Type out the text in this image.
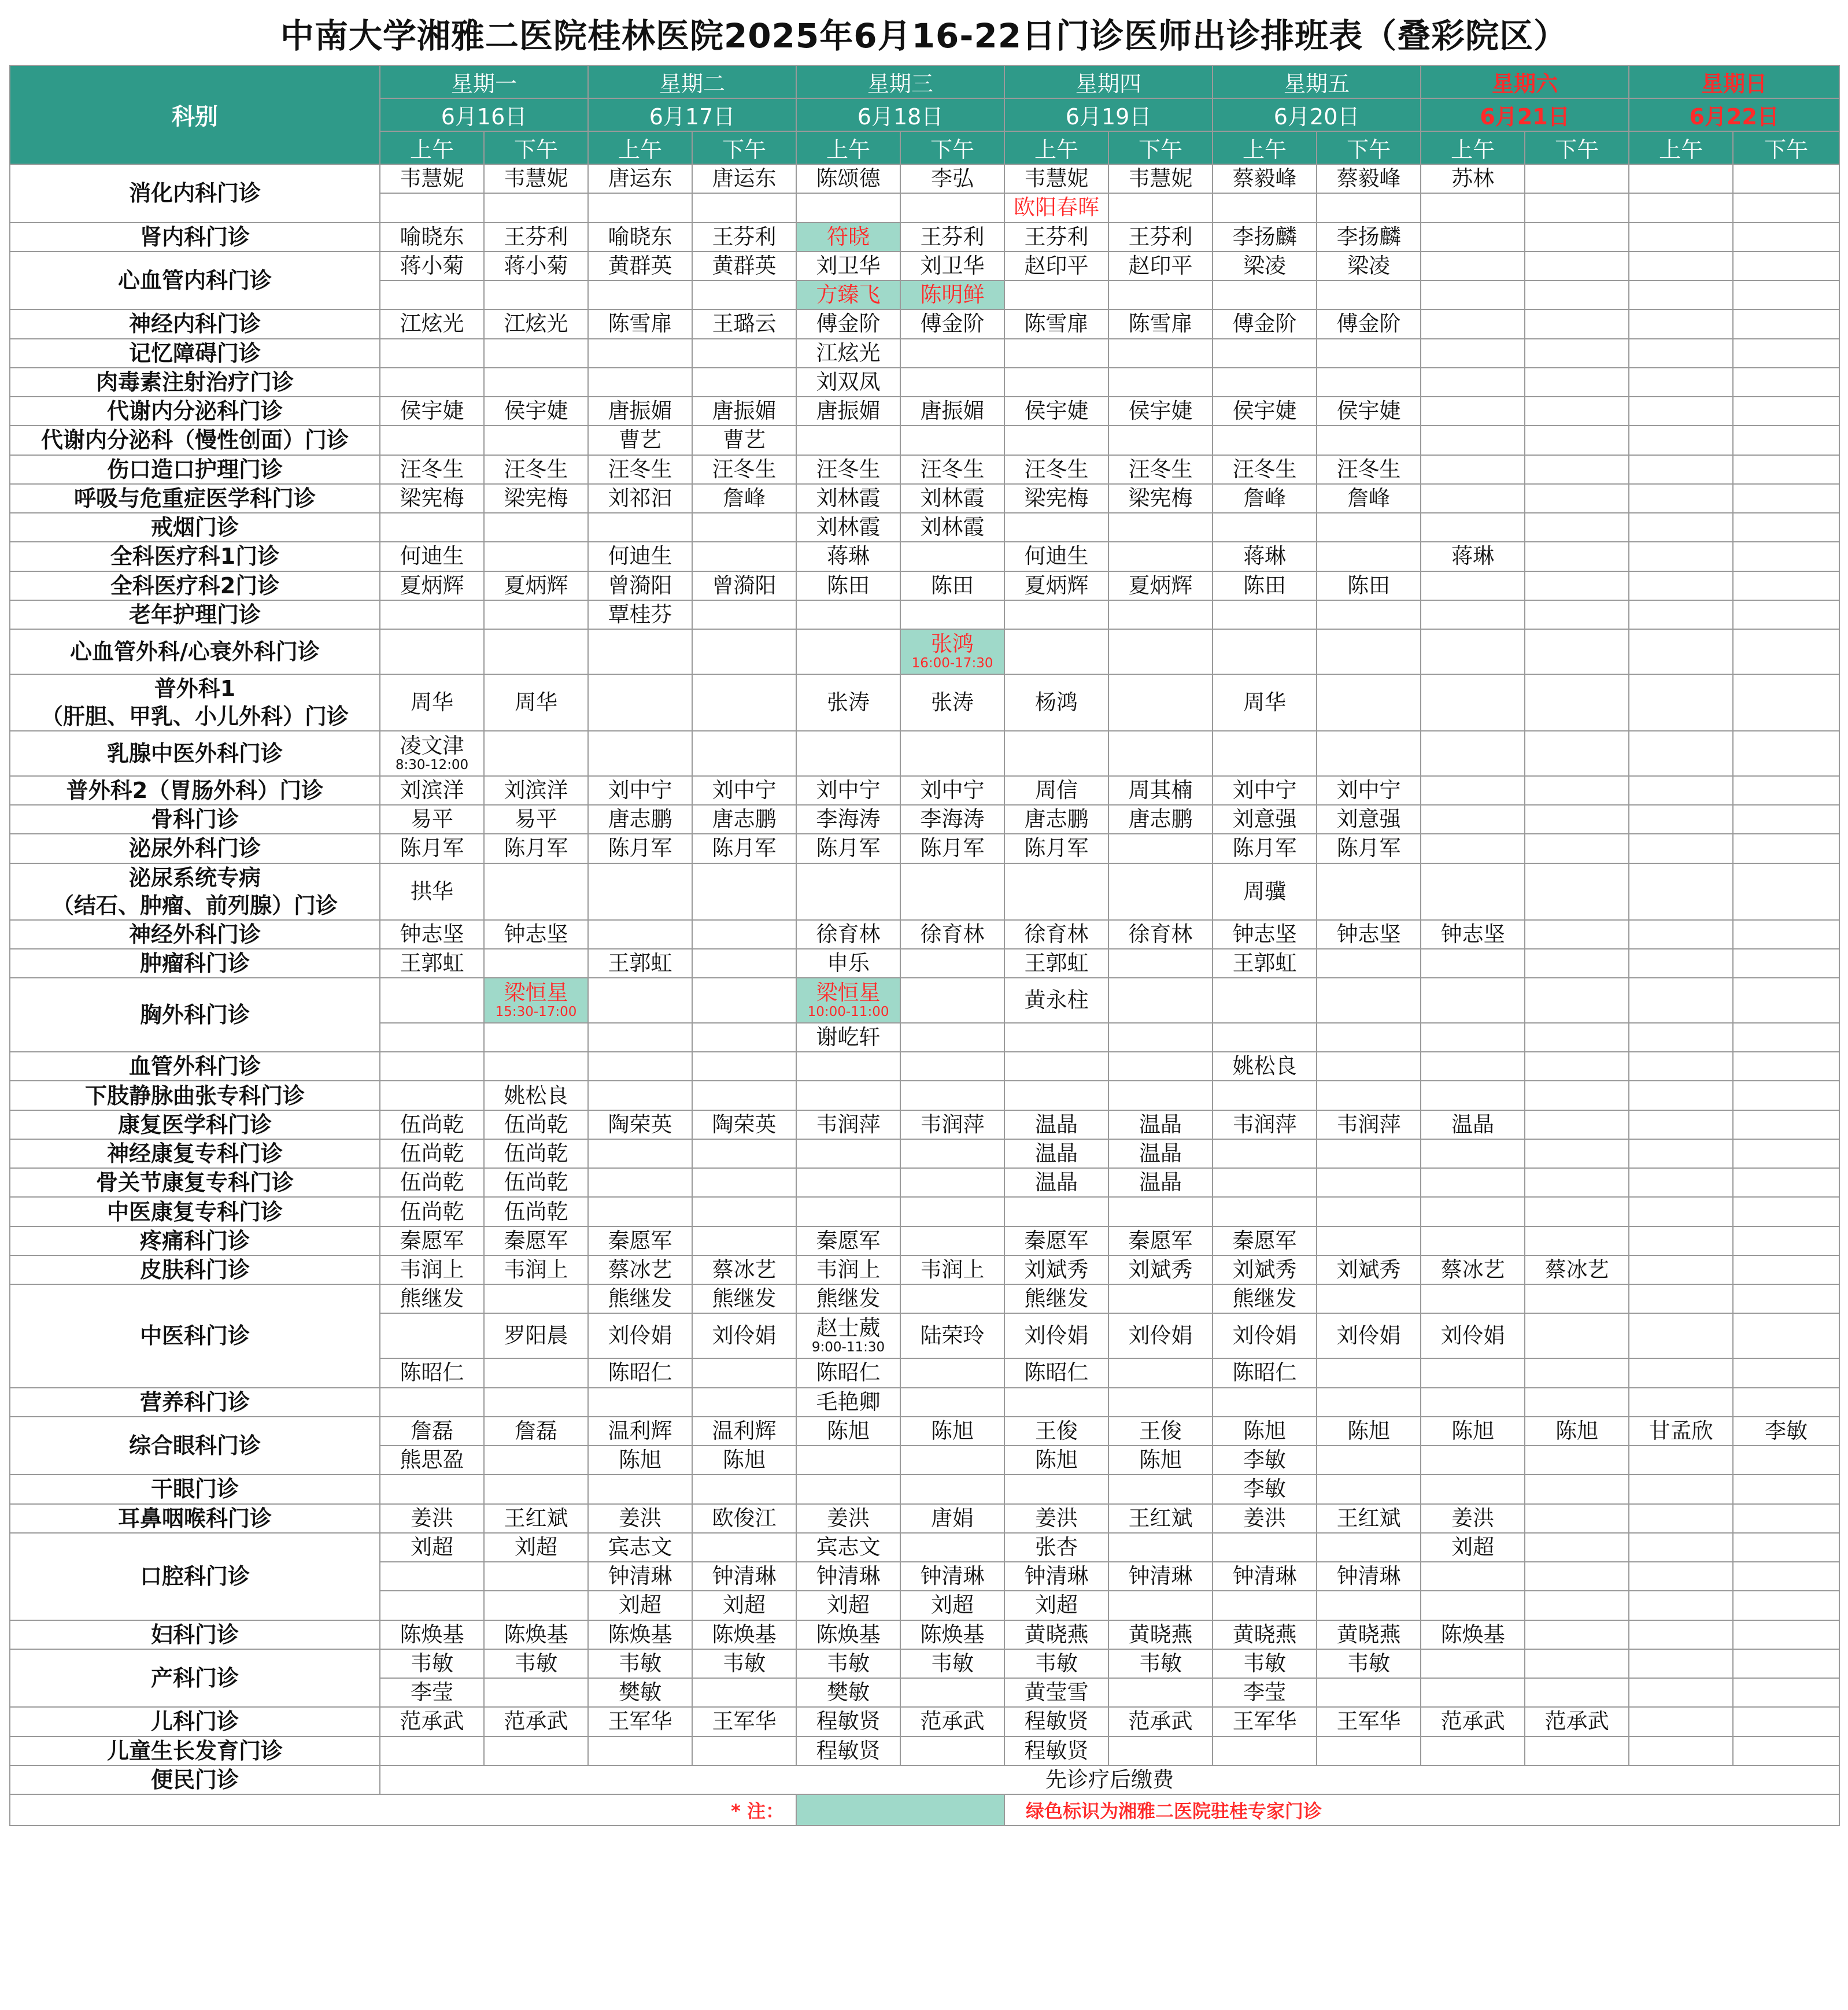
中南大学湘雅二医院桂林医院2025年6月16-22日门诊医师出诊排班表（叠彩院区）
科别	星期一		星期二		星期三		星期四		星期五		星期六		星期日	
	6月16日		6月17日		6月18日		6月19日		6月20日		6月21日		6月22日	
	上午	下午	上午	下午	上午	下午	上午	下午	上午	下午	上午	下午	上午	下午

消化内科门诊	韦慧妮	韦慧妮	唐运东	唐运东	陈颂德	李弘	韦慧妮	韦慧妮	蔡毅峰	蔡毅峰	苏林			

							欧阳春晖							

肾内科门诊	喻晓东	王芬利	喻晓东	王芬利	符晓	王芬利	王芬利	王芬利	李扬麟	李扬麟				

心血管内科门诊	蒋小菊	蒋小菊	黄群英	黄群英	刘卫华	刘卫华	赵印平	赵印平	梁凌	梁凌				

					方臻飞	陈明鲜								

神经内科门诊	江炫光	江炫光	陈雪扉	王璐云	傅金阶	傅金阶	陈雪扉	陈雪扉	傅金阶	傅金阶				

记忆障碍门诊					江炫光									

肉毒素注射治疗门诊					刘双凤									

代谢内分泌科门诊	侯宇婕	侯宇婕	唐振媚	唐振媚	唐振媚	唐振媚	侯宇婕	侯宇婕	侯宇婕	侯宇婕				

代谢内分泌科（慢性创面）门诊			曹艺	曹艺										

伤口造口护理门诊	汪冬生	汪冬生	汪冬生	汪冬生	汪冬生	汪冬生	汪冬生	汪冬生	汪冬生	汪冬生				

呼吸与危重症医学科门诊	梁宪梅	梁宪梅	刘祁汩	詹峰	刘林霞	刘林霞	梁宪梅	梁宪梅	詹峰	詹峰				

戒烟门诊					刘林霞	刘林霞								

全科医疗科1门诊	何迪生		何迪生		蒋琳		何迪生		蒋琳		蒋琳			

全科医疗科2门诊	夏炳辉	夏炳辉	曾漪阳	曾漪阳	陈田	陈田	夏炳辉	夏炳辉	陈田	陈田				

老年护理门诊			覃桂芬											

心血管外科/心衰外科门诊						张鸿
16:00-17:30								

普外科1
（肝胆、甲乳、小儿外科）门诊	周华	周华			张涛	张涛	杨鸿		周华					

乳腺中医外科门诊	凌文津
8:30-12:00													

普外科2（胃肠外科）门诊	刘滨洋	刘滨洋	刘中宁	刘中宁	刘中宁	刘中宁	周信	周其楠	刘中宁	刘中宁				

骨科门诊	易平	易平	唐志鹏	唐志鹏	李海涛	李海涛	唐志鹏	唐志鹏	刘意强	刘意强				

泌尿外科门诊	陈月军	陈月军	陈月军	陈月军	陈月军	陈月军	陈月军		陈月军	陈月军				

泌尿系统专病
（结石、肿瘤、前列腺）门诊	拱华								周骥					

神经外科门诊	钟志坚	钟志坚			徐育林	徐育林	徐育林	徐育林	钟志坚	钟志坚	钟志坚			

肿瘤科门诊	王郭虹		王郭虹		申乐		王郭虹		王郭虹					

胸外科门诊		梁恒星
15:30-17:00			梁恒星
10:00-11:00		黄永柱							
					谢屹轩									

血管外科门诊									姚松良					

下肢静脉曲张专科门诊		姚松良												

康复医学科门诊	伍尚乾	伍尚乾	陶荣英	陶荣英	韦润萍	韦润萍	温晶	温晶	韦润萍	韦润萍	温晶			

神经康复专科门诊	伍尚乾	伍尚乾					温晶	温晶						

骨关节康复专科门诊	伍尚乾	伍尚乾					温晶	温晶						

中医康复专科门诊	伍尚乾	伍尚乾												

疼痛科门诊	秦愿军	秦愿军	秦愿军		秦愿军		秦愿军	秦愿军	秦愿军					

皮肤科门诊	韦润上	韦润上	蔡冰艺	蔡冰艺	韦润上	韦润上	刘斌秀	刘斌秀	刘斌秀	刘斌秀	蔡冰艺	蔡冰艺		

中医科门诊	熊继发		熊继发	熊继发	熊继发		熊继发		熊继发					
		罗阳晨	刘伶娟	刘伶娟	赵士葳
9:00-11:30	陆荣玲	刘伶娟	刘伶娟	刘伶娟	刘伶娟	刘伶娟			
	陈昭仁		陈昭仁		陈昭仁		陈昭仁		陈昭仁					

营养科门诊					毛艳卿									

综合眼科门诊	詹磊	詹磊	温利辉	温利辉	陈旭	陈旭	王俊	王俊	陈旭	陈旭	陈旭	陈旭	甘孟欣	李敏
	熊思盈		陈旭	陈旭			陈旭	陈旭	李敏					

干眼门诊									李敏					

耳鼻咽喉科门诊	姜洪	王红斌	姜洪	欧俊江	姜洪	唐娟	姜洪	王红斌	姜洪	王红斌	姜洪			

口腔科门诊	刘超	刘超	宾志文		宾志文		张杏				刘超			
			钟清琳	钟清琳	钟清琳	钟清琳	钟清琳	钟清琳	钟清琳	钟清琳				
			刘超	刘超	刘超	刘超	刘超							

妇科门诊	陈焕基	陈焕基	陈焕基	陈焕基	陈焕基	陈焕基	黄晓燕	黄晓燕	黄晓燕	黄晓燕	陈焕基			

产科门诊	韦敏	韦敏	韦敏	韦敏	韦敏	韦敏	韦敏	韦敏	韦敏	韦敏				
	李莹		樊敏		樊敏		黄莹雪		李莹					

儿科门诊	范承武	范承武	王军华	王军华	程敏贤	范承武	程敏贤	范承武	王军华	王军华	范承武	范承武		

儿童生长发育门诊					程敏贤		程敏贤							
便民门诊	先诊疗后缴费													
* 注：							绿色标识为湘雅二医院驻桂专家门诊							
